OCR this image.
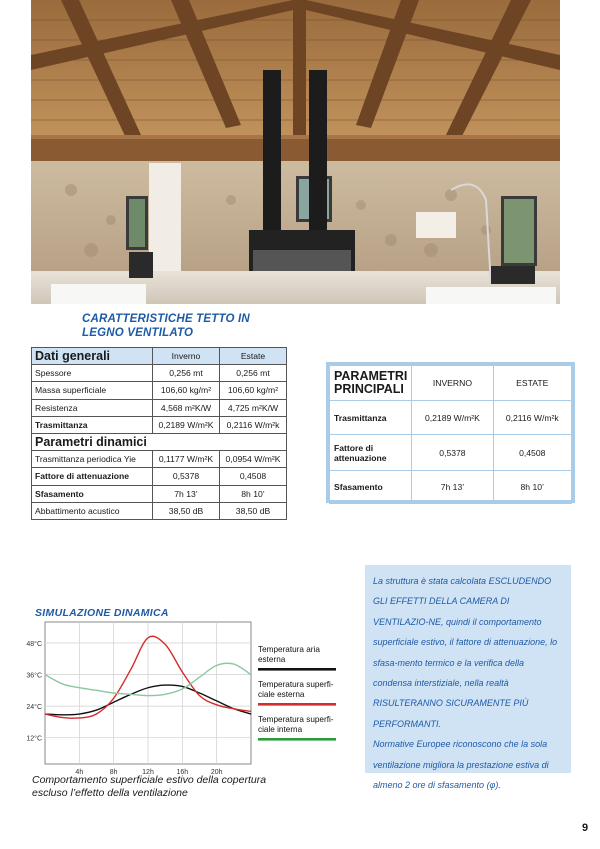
CARATTERISTICHE TETTO IN
LEGNO VENTILATO
Dati generali	Inverno	Estate
Spessore	0,256 mt	0,256 mt
Massa superficiale	106,60 kg/m²	106,60 kg/m²
Resistenza	4,568 m²K/W	4,725 m²K/W
Trasmittanza	0,2189 W/m²K	0,2116 W/m²k
Parametri dinamici		
Trasmittanza periodica Yie	0,1177 W/m²K	0,0954 W/m²K
Fattore di attenuazione	0,5378	0,4508
Sfasamento	7h 13’	8h 10’
Abbattimento acustico	38,50 dB	38,50 dB
PARAMETRI
PRINCIPALI	INVERNO	ESTATE
Trasmittanza	0,2189 W/m²K	0,2116 W/m²k

Fattore di
attenuazione	0,5378	0,4508
Sfasamento	7h 13’	8h 10’
SIMULAZIONE DINAMICA
48°C
36°C
24°C
12°C
4h	8h	12h	16h	20h
Temperatura aria
esterna
Temperatura superfi-
ciale esterna
Temperatura superfi-
ciale interna
Comportamento superficiale estivo della copertura escluso l’effetto della ventilazione

La struttura è stata calcolata ESCLUDENDO GLI EFFETTI DELLA CAMERA DI VENTILAZIO-NE, quindi il comportamento superficiale estivo, il fattore di attenuazione, lo sfasa-mento termico e la verifica della condensa interstiziale, nella realtà RISULTERANNO SICURAMENTE PIÙ PERFORMANTI.

Normative Europee riconoscono che la sola ventilazione migliora la prestazione estiva di almeno 2 ore di sfasamento (φ).

9
